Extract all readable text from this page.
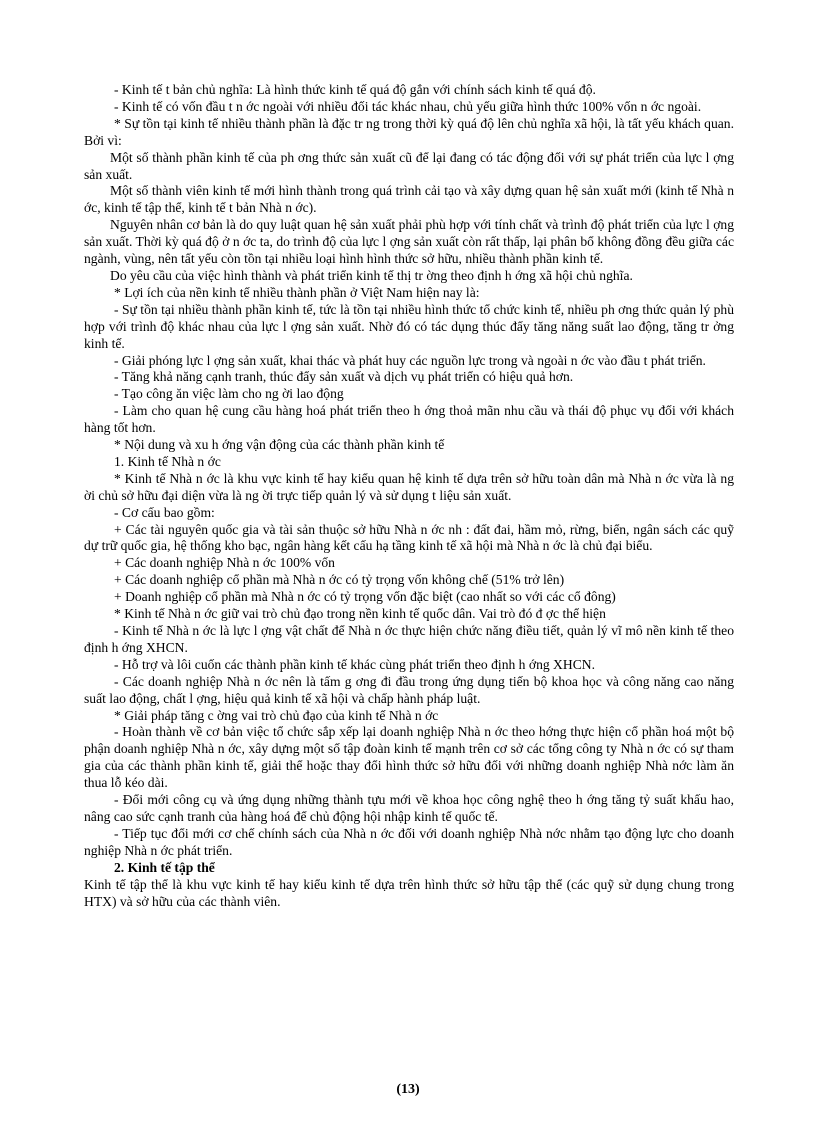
- Kinh tế t bản chủ nghĩa: Là hình thức kinh tế quá độ gắn với chính sách kinh tế quá độ.

- Kinh tế có vốn đầu t n ớc ngoài với nhiều đối tác khác nhau, chủ yếu giữa hình thức 100% vốn n ớc ngoài.

* Sự tồn tại kinh tế nhiều thành phần là đặc tr ng trong thời kỳ quá độ lên chủ nghĩa xã hội, là tất yếu khách quan. Bởi vì:

Một số thành phần kinh tế của ph ơng thức sản xuất cũ để lại đang có tác động đối với sự phát triển của lực l ợng sản xuất.

Một số thành viên kinh tế mới hình thành trong quá trình cải tạo và xây dựng quan hệ sản xuất mới (kinh tế Nhà n ớc, kinh tế tập thể, kinh tế t bản Nhà n ớc).

Nguyên nhân cơ bản là do quy luật quan hệ sản xuất phải phù hợp với tính chất và trình độ phát triển của lực l ợng sản xuất. Thời kỳ quá độ ở n ớc ta, do trình độ của lực l ợng sản xuất còn rất thấp, lại phân bổ không đồng đều giữa các ngành, vùng, nên tất yếu còn tồn tại nhiều loại hình hình thức sở hữu, nhiều thành phần kinh tế.

Do yêu cầu của việc hình thành và phát triển kinh tế thị tr ờng theo định h ớng xã hội chủ nghĩa.

* Lợi ích của nền kinh tế nhiều thành phần ở Việt Nam hiện nay là:

- Sự tồn tại nhiều thành phần kinh tế, tức là tồn tại nhiều hình thức tổ chức kinh tế, nhiều ph ơng thức quản lý phù hợp với trình độ khác nhau của lực l ợng sản xuất. Nhờ đó có tác dụng thúc đẩy tăng năng suất lao động, tăng tr ởng kinh tế.

- Giải phóng lực l ợng sản xuất, khai thác và phát huy các nguồn lực trong và ngoài n ớc vào đầu t phát triển.

- Tăng khả năng cạnh tranh, thúc đẩy sản xuất và dịch vụ phát triển có hiệu quả hơn.

- Tạo công ăn việc làm cho ng ời lao động

- Làm cho quan hệ cung cầu hàng hoá phát triển theo h ớng thoả mãn nhu cầu và thái độ phục vụ đối với khách hàng tốt hơn.

* Nội dung và xu h ớng vận động của các thành phần kinh tế

1. Kinh tế Nhà n ớc

* Kinh tế Nhà n ớc là khu vực kinh tế hay kiểu quan hệ kinh tế dựa trên sở hữu toàn dân mà Nhà n ớc vừa là ng ời chủ sở hữu đại diện vừa là ng ời trực tiếp quản lý và sử dụng t liệu sản xuất.

- Cơ cấu bao gồm:

+ Các tài nguyên quốc gia và tài sản thuộc sở hữu Nhà n ớc nh : đất đai, hầm mỏ, rừng, biển, ngân sách các quỹ dự trữ quốc gia, hệ thống kho bạc, ngân hàng kết cấu hạ tầng kinh tế xã hội mà Nhà n ớc là chủ đại biểu.

+ Các doanh nghiệp Nhà n ớc 100% vốn

+ Các doanh nghiệp cổ phần mà Nhà n ớc có tỷ trọng vốn không chế (51% trở lên)

+ Doanh nghiệp cổ phần mà Nhà n ớc có tỷ trọng vốn đặc biệt (cao nhất so với các cổ đông)

* Kinh tế Nhà n ớc giữ vai trò chủ đạo trong nền kinh tế quốc dân. Vai trò đó đ ợc thể hiện

- Kinh tế Nhà n ớc là lực l ợng vật chất để Nhà n ớc thực hiện chức năng điều tiết, quản lý vĩ mô nền kinh tế theo định h ớng XHCN.

- Hỗ trợ và lôi cuốn các thành phần kinh tế khác cùng phát triển theo định h ớng XHCN.

- Các doanh nghiệp Nhà n ớc nên là tấm g ơng đi đầu trong ứng dụng tiến bộ khoa học và công năng cao năng suất lao động, chất l ợng, hiệu quả kinh tế xã hội và chấp hành pháp luật.

* Giải pháp tăng c ờng vai trò chủ đạo của kinh tế Nhà n ớc

- Hoàn thành về cơ bản việc tổ chức sắp xếp lại doanh nghiệp Nhà n ớc theo hớng thực hiện cổ phần hoá một bộ phận doanh nghiệp Nhà n ớc, xây dựng một số tập đoàn kinh tế mạnh trên cơ sở các tổng công ty Nhà n ớc có sự tham gia của các thành phần kinh tế, giải thể hoặc thay đổi hình thức sở hữu đối với những doanh nghiệp Nhà nớc làm ăn thua lỗ kéo dài.

- Đổi mới công cụ và ứng dụng những thành tựu mới về khoa học công nghệ theo h ớng tăng tỷ suất khấu hao, nâng cao sức cạnh tranh của hàng hoá để chủ động hội nhập kinh tế quốc tế.

- Tiếp tục đổi mới cơ chế chính sách của Nhà n ớc đối với doanh nghiệp Nhà nớc nhằm tạo động lực cho doanh nghiệp Nhà n ớc phát triển.

2. Kinh tế tập thể

Kinh tế tập thể là khu vực kinh tế hay kiểu kinh tế dựa trên hình thức sở hữu tập thể (các quỹ sử dụng chung trong HTX) và sở hữu của các thành viên.

(13)
